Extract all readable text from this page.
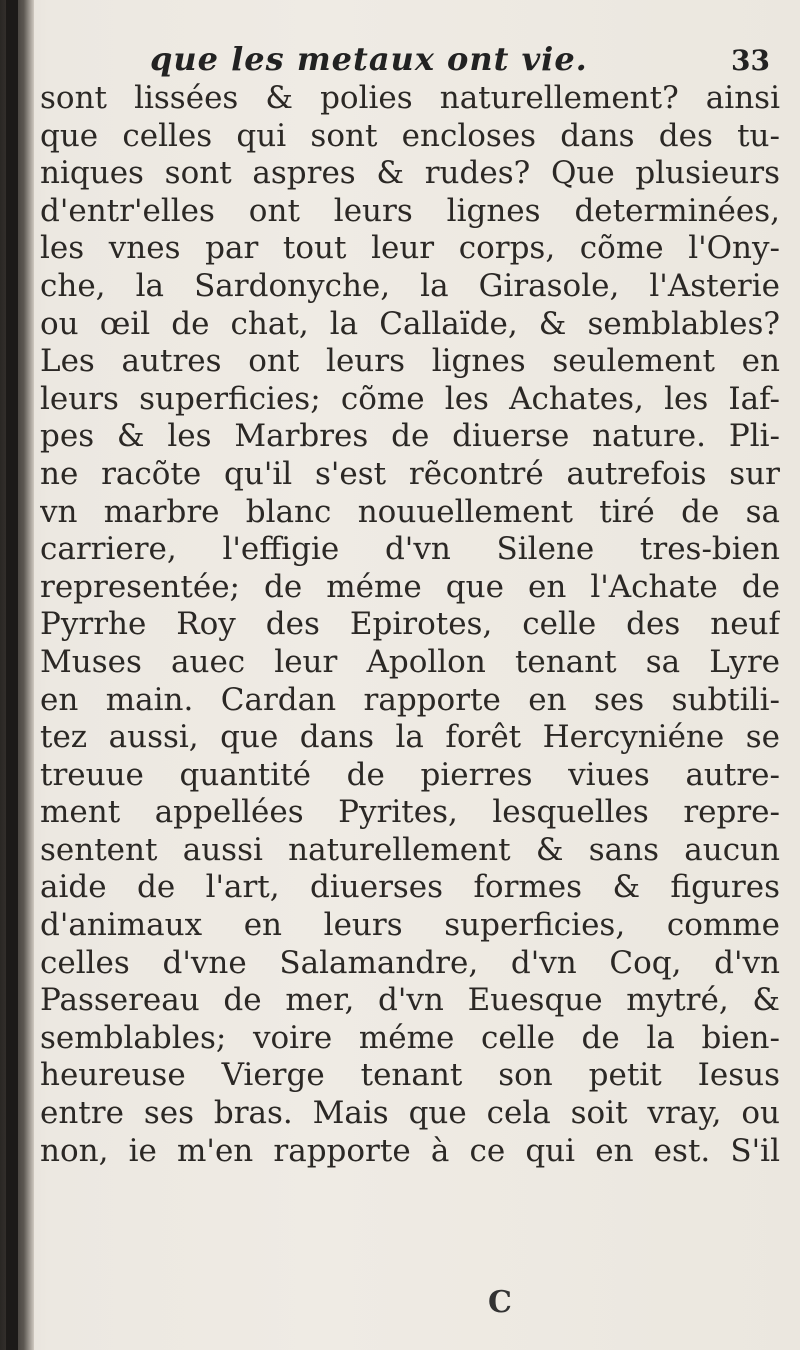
que les metaux ont vie.	33
sont lissées & polies naturellement? ainsi
que celles qui sont encloses dans des tu-
niques sont aspres & rudes? Que plusieurs
d'entr'elles ont leurs lignes determinées,
les vnes par tout leur corps, cõme l'Ony-
che, la Sardonyche, la Girasole, l'Asterie
ou œil de chat, la Callaïde, & semblables?
Les autres ont leurs lignes seulement en
leurs superficies; cõme les Achates, les Iaf-
pes & les Marbres de diuerse nature. Pli-
ne racõte qu'il s'est rẽcontré autrefois sur
vn marbre blanc nouuellement tiré de sa
carriere, l'effigie d'vn Silene tres-bien
representée; de méme que en l'Achate de
Pyrrhe Roy des Epirotes, celle des neuf
Muses auec leur Apollon tenant sa Lyre
en main. Cardan rapporte en ses subtili-
tez aussi, que dans la forêt Hercyniéne se
treuue quantité de pierres viues autre-
ment appellées Pyrites, lesquelles repre-
sentent aussi naturellement & sans aucun
aide de l'art, diuerses formes & figures
d'animaux en leurs superficies, comme
celles d'vne Salamandre, d'vn Coq, d'vn
Passereau de mer, d'vn Euesque mytré, &
semblables; voire méme celle de la bien-
heureuse Vierge tenant son petit Iesus
entre ses bras. Mais que cela soit vray, ou
non, ie m'en rapporte à ce qui en est. S'il
C
